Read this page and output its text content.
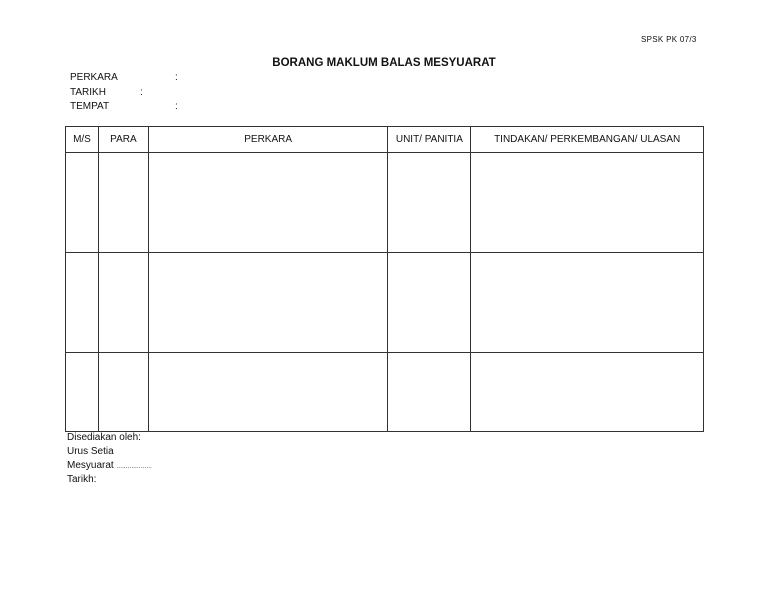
SPSK PK 07/3
BORANG MAKLUM BALAS MESYUARAT
PERKARA	:
TARIKH	:
TEMPAT	:
M/S	PARA	PERKARA	UNIT/ PANITIA	TINDAKAN/ PERKEMBANGAN/ ULASAN

Disediakan oleh:
Urus Setia
Mesyuarat ...................
Tarikh:
